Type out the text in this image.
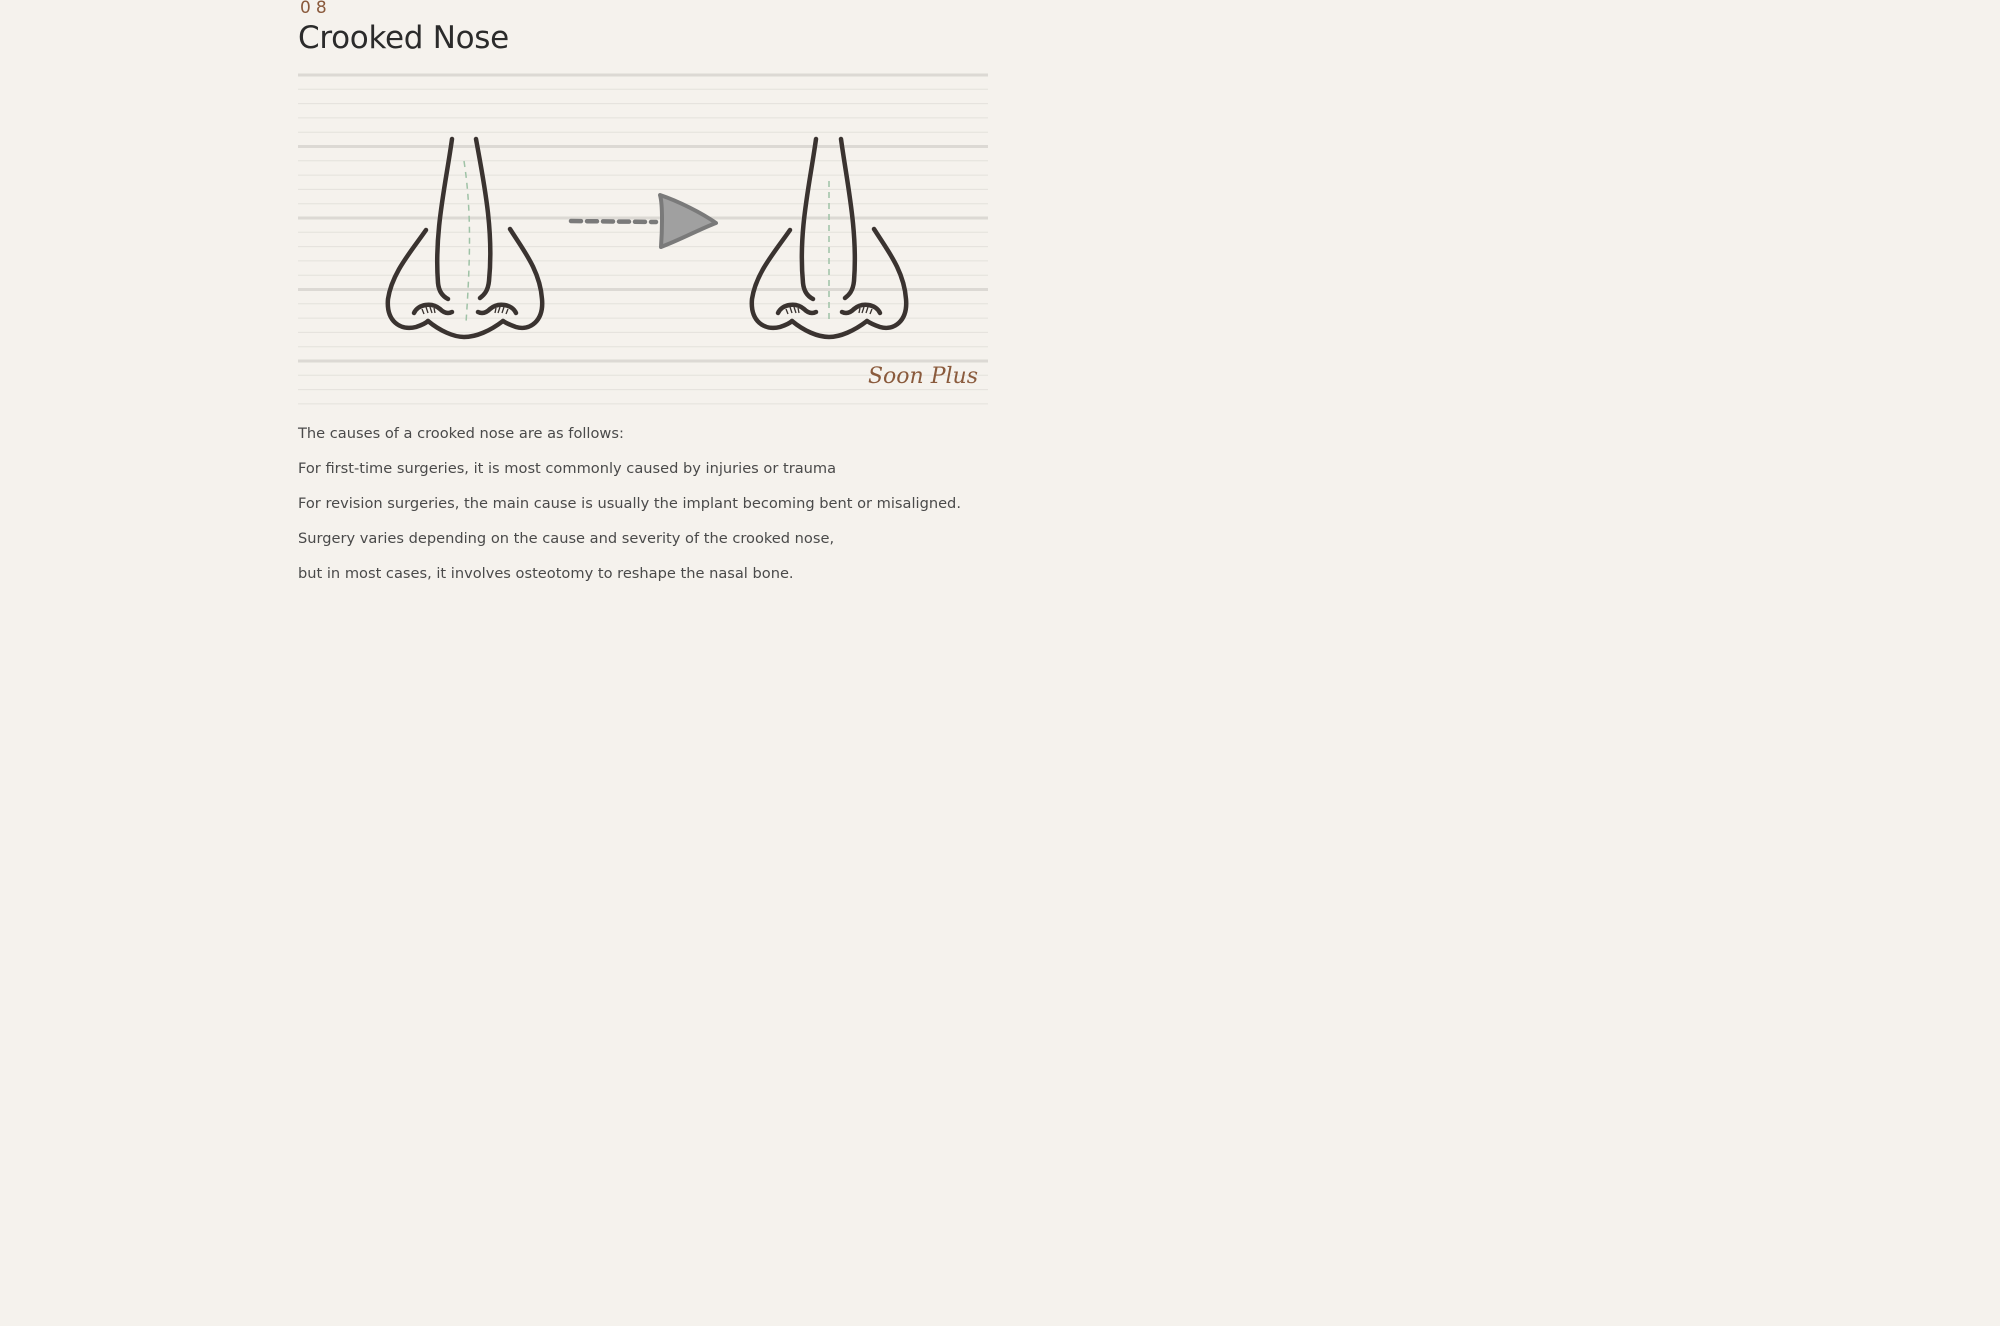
08
Crooked Nose
Soon Plus

The causes of a crooked nose are as follows:

For first-time surgeries, it is most commonly caused by injuries or trauma

For revision surgeries, the main cause is usually the implant becoming bent or misaligned.

Surgery varies depending on the cause and severity of the crooked nose,

but in most cases, it involves osteotomy to reshape the nasal bone.
